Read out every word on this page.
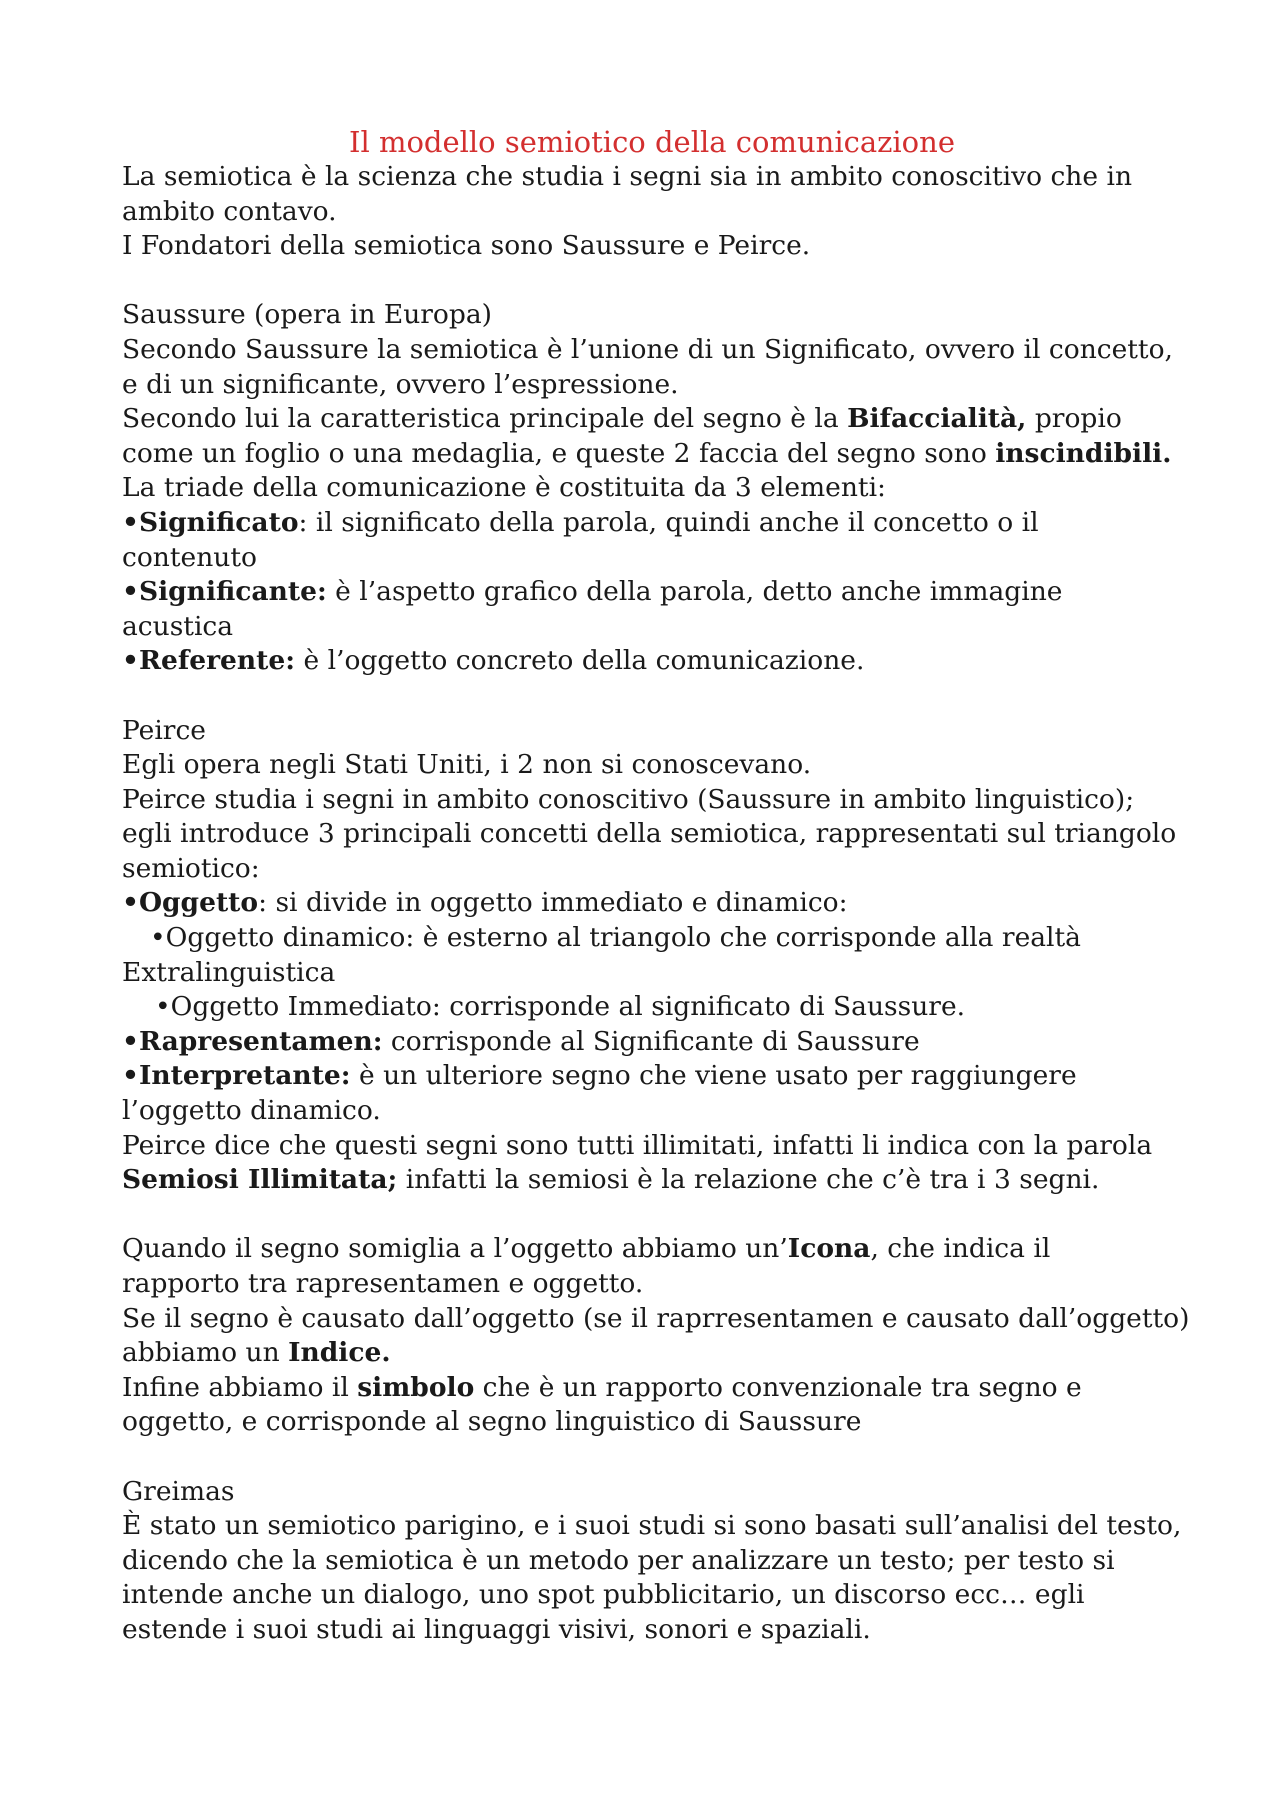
Il modello semiotico della comunicazione
La semiotica è la scienza che studia i segni sia in ambito conoscitivo che in
ambito contavo.
I Fondatori della semiotica sono Saussure e Peirce.
Saussure (opera in Europa)
Secondo Saussure la semiotica è l’unione di un Significato, ovvero il concetto,
e di un significante, ovvero l’espressione.
Secondo lui la caratteristica principale del segno è la Bifaccialità, propio
come un foglio o una medaglia, e queste 2 faccia del segno sono inscindibili.
La triade della comunicazione è costituita da 3 elementi:
•Significato: il significato della parola, quindi anche il concetto o il
contenuto
•Significante: è l’aspetto grafico della parola, detto anche immagine
acustica
•Referente: è l’oggetto concreto della comunicazione.
Peirce
Egli opera negli Stati Uniti, i 2 non si conoscevano.
Peirce studia i segni in ambito conoscitivo (Saussure in ambito linguistico);
egli introduce 3 principali concetti della semiotica, rappresentati sul triangolo
semiotico:
•Oggetto: si divide in oggetto immediato e dinamico:
•Oggetto dinamico: è esterno al triangolo che corrisponde alla realtà
Extralinguistica
•Oggetto Immediato: corrisponde al significato di Saussure.
•Rapresentamen: corrisponde al Significante di Saussure
•Interpretante: è un ulteriore segno che viene usato per raggiungere
l’oggetto dinamico.
Peirce dice che questi segni sono tutti illimitati, infatti li indica con la parola
Semiosi Illimitata; infatti la semiosi è la relazione che c’è tra i 3 segni.
Quando il segno somiglia a l’oggetto abbiamo un’Icona, che indica il
rapporto tra rapresentamen e oggetto.
Se il segno è causato dall’oggetto (se il raprresentamen e causato dall’oggetto)
abbiamo un Indice.
Infine abbiamo il simbolo che è un rapporto convenzionale tra segno e
oggetto, e corrisponde al segno linguistico di Saussure
Greimas
È stato un semiotico parigino, e i suoi studi si sono basati sull’analisi del testo,
dicendo che la semiotica è un metodo per analizzare un testo; per testo si
intende anche un dialogo, uno spot pubblicitario, un discorso ecc… egli
estende i suoi studi ai linguaggi visivi, sonori e spaziali.
